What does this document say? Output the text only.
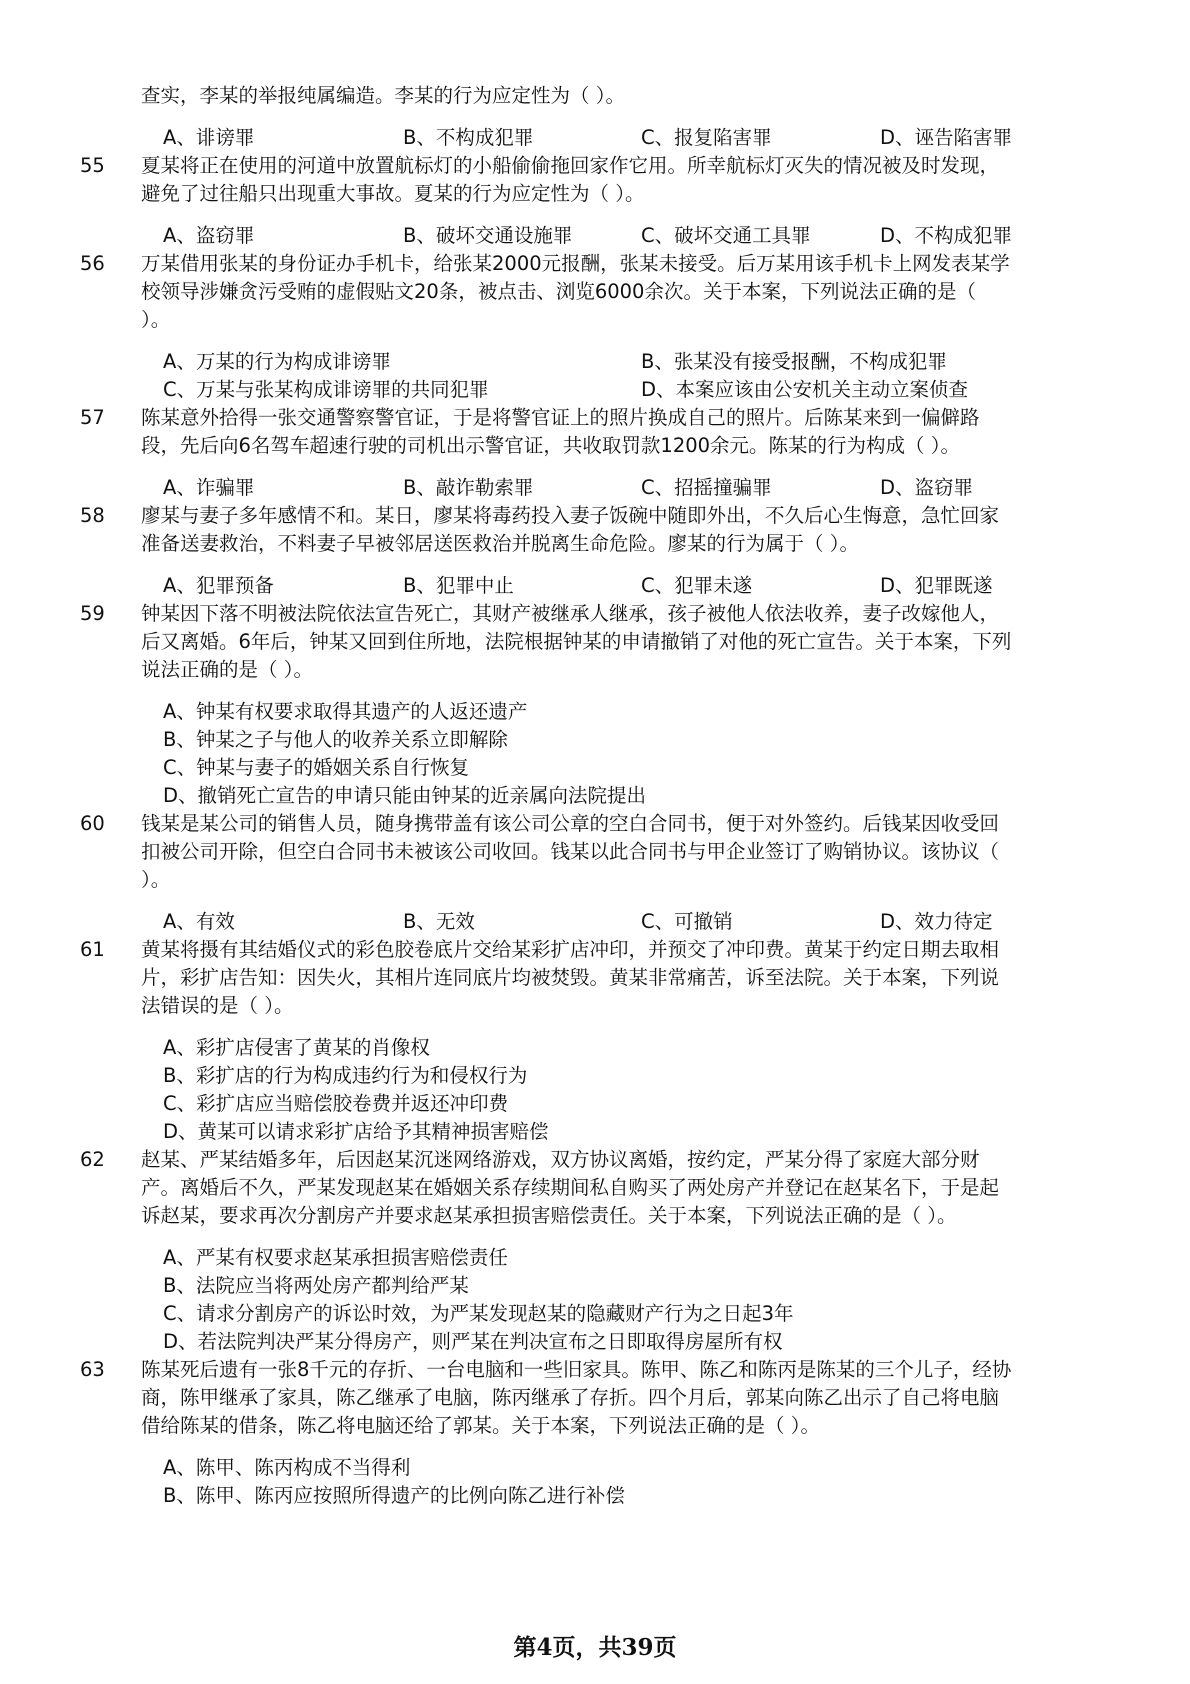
查实，李某的举报纯属编造。李某的行为应定性为（ ）。
A、诽谤罪	B、不构成犯罪	C、报复陷害罪	D、诬告陷害罪
55	夏某将正在使用的河道中放置航标灯的小船偷偷拖回家作它用。所幸航标灯灭失的情况被及时发现，
避免了过往船只出现重大事故。夏某的行为应定性为（ ）。
A、盗窃罪	B、破坏交通设施罪	C、破坏交通工具罪	D、不构成犯罪
56	万某借用张某的身份证办手机卡，给张某2000元报酬，张某未接受。后万某用该手机卡上网发表某学
校领导涉嫌贪污受贿的虚假贴文20条，被点击、浏览6000余次。关于本案，下列说法正确的是（
）。
A、万某的行为构成诽谤罪	B、张某没有接受报酬，不构成犯罪
C、万某与张某构成诽谤罪的共同犯罪	D、本案应该由公安机关主动立案侦查
57	陈某意外拾得一张交通警察警官证，于是将警官证上的照片换成自己的照片。后陈某来到一偏僻路
段，先后向6名驾车超速行驶的司机出示警官证，共收取罚款1200余元。陈某的行为构成（ ）。
A、诈骗罪	B、敲诈勒索罪	C、招摇撞骗罪	D、盗窃罪
58	廖某与妻子多年感情不和。某日，廖某将毒药投入妻子饭碗中随即外出，不久后心生悔意，急忙回家
准备送妻救治，不料妻子早被邻居送医救治并脱离生命危险。廖某的行为属于（ ）。
A、犯罪预备	B、犯罪中止	C、犯罪未遂	D、犯罪既遂
59	钟某因下落不明被法院依法宣告死亡，其财产被继承人继承，孩子被他人依法收养，妻子改嫁他人，
后又离婚。6年后，钟某又回到住所地，法院根据钟某的申请撤销了对他的死亡宣告。关于本案，下列
说法正确的是（ ）。
A、钟某有权要求取得其遗产的人返还遗产
B、钟某之子与他人的收养关系立即解除
C、钟某与妻子的婚姻关系自行恢复
D、撤销死亡宣告的申请只能由钟某的近亲属向法院提出
60	钱某是某公司的销售人员，随身携带盖有该公司公章的空白合同书，便于对外签约。后钱某因收受回
扣被公司开除，但空白合同书未被该公司收回。钱某以此合同书与甲企业签订了购销协议。该协议（
）。
A、有效	B、无效	C、可撤销	D、效力待定
61	黄某将摄有其结婚仪式的彩色胶卷底片交给某彩扩店冲印，并预交了冲印费。黄某于约定日期去取相
片，彩扩店告知：因失火，其相片连同底片均被焚毁。黄某非常痛苦，诉至法院。关于本案，下列说
法错误的是（ ）。
A、彩扩店侵害了黄某的肖像权
B、彩扩店的行为构成违约行为和侵权行为
C、彩扩店应当赔偿胶卷费并返还冲印费
D、黄某可以请求彩扩店给予其精神损害赔偿
62	赵某、严某结婚多年，后因赵某沉迷网络游戏，双方协议离婚，按约定，严某分得了家庭大部分财
产。离婚后不久，严某发现赵某在婚姻关系存续期间私自购买了两处房产并登记在赵某名下，于是起
诉赵某，要求再次分割房产并要求赵某承担损害赔偿责任。关于本案，下列说法正确的是（ ）。
A、严某有权要求赵某承担损害赔偿责任
B、法院应当将两处房产都判给严某
C、请求分割房产的诉讼时效，为严某发现赵某的隐藏财产行为之日起3年
D、若法院判决严某分得房产，则严某在判决宣布之日即取得房屋所有权
63	陈某死后遗有一张8千元的存折、一台电脑和一些旧家具。陈甲、陈乙和陈丙是陈某的三个儿子，经协
商，陈甲继承了家具，陈乙继承了电脑，陈丙继承了存折。四个月后，郭某向陈乙出示了自己将电脑
借给陈某的借条，陈乙将电脑还给了郭某。关于本案，下列说法正确的是（ ）。
A、陈甲、陈丙构成不当得利
B、陈甲、陈丙应按照所得遗产的比例向陈乙进行补偿
第4页，共39页
